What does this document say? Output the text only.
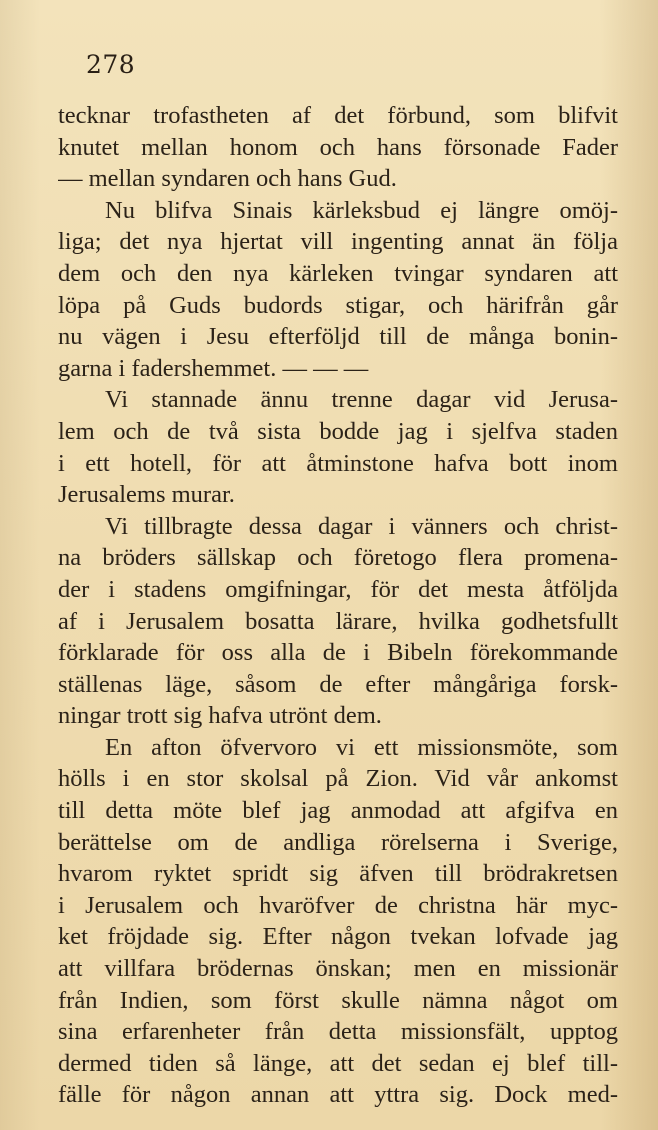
278
tecknar trofastheten af det förbund, som blifvit
knutet mellan honom och hans försonade Fader
— mellan syndaren och hans Gud.
Nu blifva Sinais kärleksbud ej längre omöj-
liga; det nya hjertat vill ingenting annat än följa
dem och den nya kärleken tvingar syndaren att
löpa på Guds budords stigar, och härifrån går
nu vägen i Jesu efterföljd till de många bonin-
garna i fadershemmet. — — —
Vi stannade ännu trenne dagar vid Jerusa-
lem och de två sista bodde jag i sjelfva staden
i ett hotell, för att åtminstone hafva bott inom
Jerusalems murar.
Vi tillbragte dessa dagar i vänners och christ-
na bröders sällskap och företogo flera promena-
der i stadens omgifningar, för det mesta åtföljda
af i Jerusalem bosatta lärare, hvilka godhetsfullt
förklarade för oss alla de i Bibeln förekommande
ställenas läge, såsom de efter mångåriga forsk-
ningar trott sig hafva utrönt dem.
En afton öfvervoro vi ett missionsmöte, som
hölls i en stor skolsal på Zion. Vid vår ankomst
till detta möte blef jag anmodad att afgifva en
berättelse om de andliga rörelserna i Sverige,
hvarom ryktet spridt sig äfven till brödrakretsen
i Jerusalem och hvaröfver de christna här myc-
ket fröjdade sig. Efter någon tvekan lofvade jag
att villfara brödernas önskan; men en missionär
från Indien, som först skulle nämna något om
sina erfarenheter från detta missionsfält, upptog
dermed tiden så länge, att det sedan ej blef till-
fälle för någon annan att yttra sig. Dock med-
